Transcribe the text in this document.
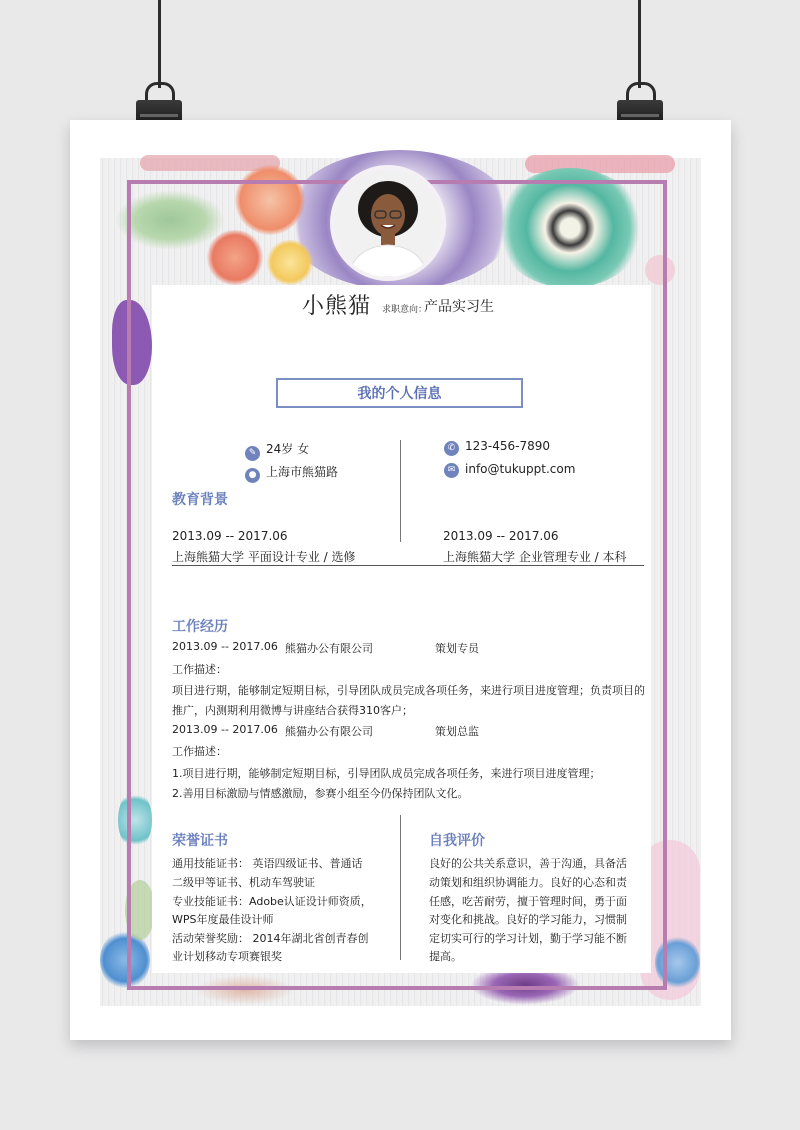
小熊猫 求职意向：
产品实习生
我的个人信息
✎ 24岁 女
● 上海市熊猫路
✆ 123-456-7890
✉ info@tukuppt.com
教育背景
2013.09 -- 2017.06
上海熊猫大学 平面设计专业 / 选修
2013.09 -- 2017.06
上海熊猫大学 企业管理专业 / 本科
工作经历
2013.09 -- 2017.06 熊猫办公有限公司	策划专员
工作描述：
项目进行期，能够制定短期目标，引导团队成员完成各项任务，来进行项目进度管理；负责项目的
推广，内测期利用微博与讲座结合获得310客户；
2013.09 -- 2017.06 熊猫办公有限公司	策划总监
工作描述：
1.项目进行期，能够制定短期目标，引导团队成员完成各项任务，来进行项目进度管理；
2.善用目标激励与情感激励，参赛小组至今仍保持团队文化。
荣誉证书
通用技能证书： 英语四级证书、普通话
二级甲等证书、机动车驾驶证
专业技能证书：Adobe认证设计师资质，
WPS年度最佳设计师
活动荣誉奖励： 2014年湖北省创青春创
业计划移动专项赛银奖
自我评价
良好的公共关系意识，善于沟通，具备活
动策划和组织协调能力。良好的心态和责
任感，吃苦耐劳，擅于管理时间，勇于面
对变化和挑战。良好的学习能力，习惯制
定切实可行的学习计划，勤于学习能不断
提高。
